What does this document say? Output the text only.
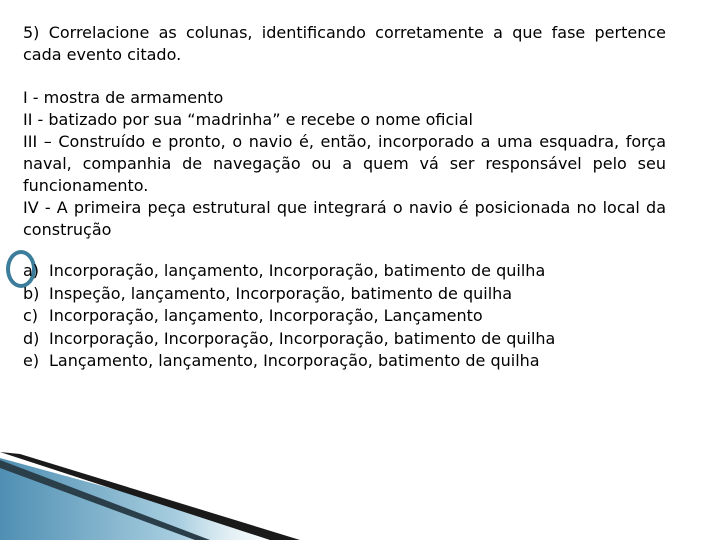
5) Correlacione as colunas, identificando corretamente a que fase pertence cada evento citado.
I - mostra de armamento
II - batizado por sua “madrinha” e recebe o nome oficial
III – Construído e pronto, o navio é, então, incorporado a uma esquadra, força naval, companhia de navegação ou a quem vá ser responsável pelo seu funcionamento.
IV - A primeira peça estrutural que integrará o navio é posicionada no local da construção
a) Incorporação, lançamento, Incorporação, batimento de quilha
b) Inspeção, lançamento, Incorporação, batimento de quilha
c) Incorporação, lançamento, Incorporação, Lançamento
d) Incorporação, Incorporação, Incorporação, batimento de quilha
e) Lançamento, lançamento, Incorporação, batimento de quilha
